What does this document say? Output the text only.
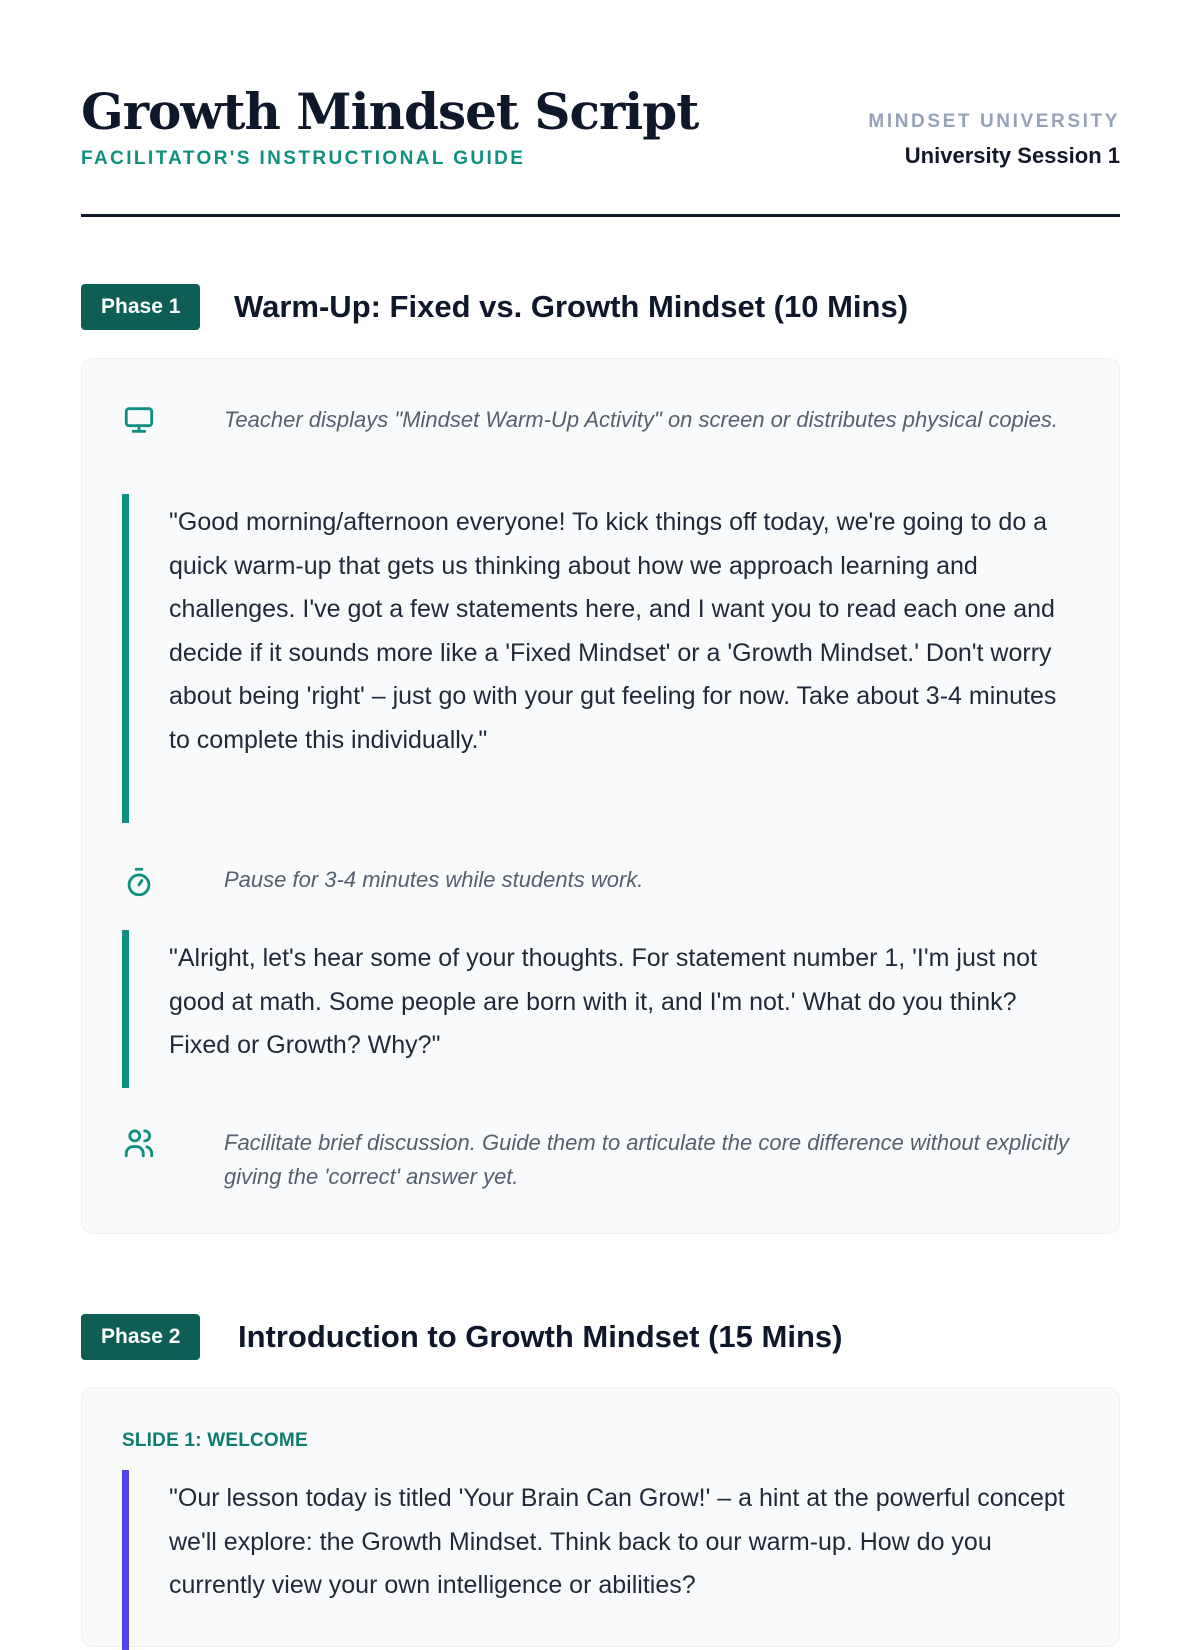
Growth Mindset Script
FACILITATOR'S INSTRUCTIONAL GUIDE
MINDSET UNIVERSITY
University Session 1
Phase 1	Warm-Up: Fixed vs. Growth Mindset (10 Mins)
Teacher displays "Mindset Warm-Up Activity" on screen or distributes physical copies.
"Good morning/afternoon everyone! To kick things off today, we're going to do a quick warm-up that gets us thinking about how we approach learning and challenges. I've got a few statements here, and I want you to read each one and decide if it sounds more like a 'Fixed Mindset' or a 'Growth Mindset.' Don't worry about being 'right' – just go with your gut feeling for now. Take about 3-4 minutes to complete this individually."
Pause for 3-4 minutes while students work.
"Alright, let's hear some of your thoughts. For statement number 1, 'I'm just not good at math. Some people are born with it, and I'm not.' What do you think? Fixed or Growth? Why?"
Facilitate brief discussion. Guide them to articulate the core difference without explicitly giving the 'correct' answer yet.
Phase 2	Introduction to Growth Mindset (15 Mins)
SLIDE 1: WELCOME
"Our lesson today is titled 'Your Brain Can Grow!' – a hint at the powerful concept we'll explore: the Growth Mindset. Think back to our warm-up. How do you currently view your own intelligence or abilities?
